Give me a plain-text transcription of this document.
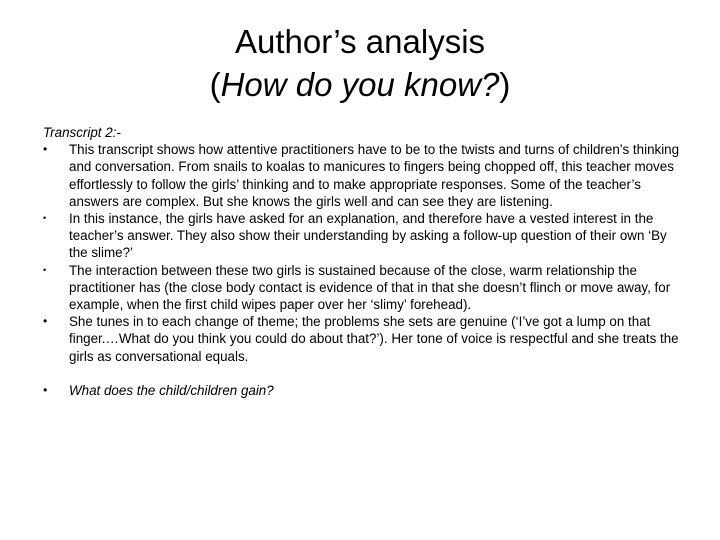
Author’s analysis
(How do you know?)

Transcript 2:-

•	This transcript shows how attentive practitioners have to be to the twists and turns of children’s thinking and conversation. From snails to koalas to manicures to fingers being chopped off, this teacher moves effortlessly to follow the girls’ thinking and to make appropriate responses. Some of the teacher’s answers are complex. But she knows the girls well and can see they are listening.
•	In this instance, the girls have asked for an explanation, and therefore have a vested interest in the teacher’s answer. They also show their understanding by asking a follow-up question of their own ‘By the slime?’
•	The interaction between these two girls is sustained because of the close, warm relationship the practitioner has (the close body contact is evidence of that in that she doesn’t flinch or move away, for example, when the first child wipes paper over her ‘slimy’ forehead).
•	She tunes in to each change of theme; the problems she sets are genuine (‘I’ve got a lump on that finger.…What do you think you could do about that?’). Her tone of voice is respectful and she treats the girls as conversational equals.
•	What does the child/children gain?
